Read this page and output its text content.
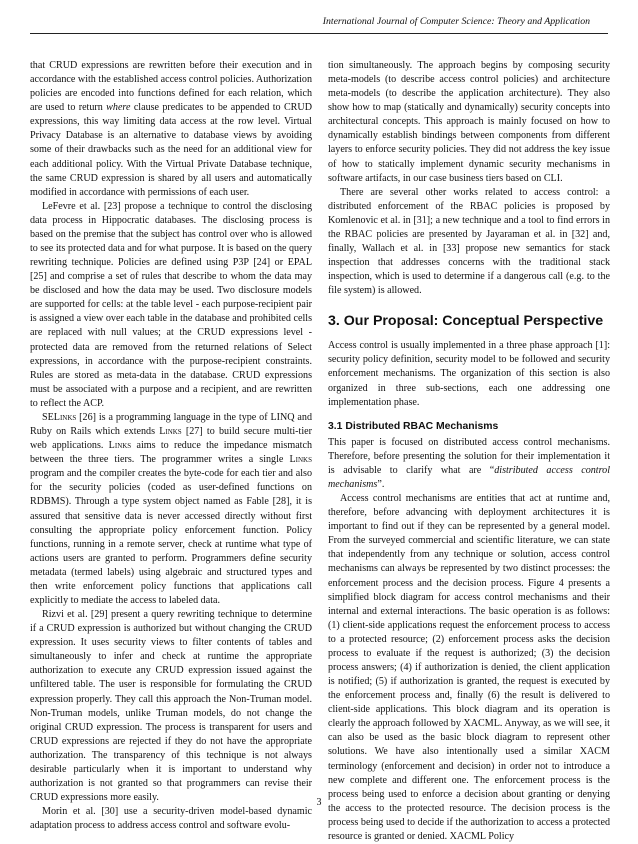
International Journal of Computer Science: Theory and Application

that CRUD expressions are rewritten before their execution and in accordance with the established access control policies. Authorization policies are encoded into functions defined for each relation, which are used to return where clause predicates to be appended to CRUD expressions, this way limiting data access at the row level. Virtual Privacy Database is an alternative to database views by avoiding some of their drawbacks such as the need for an additional view for each additional policy. With the Virtual Private Database technique, the same CRUD expression is shared by all users and automatically modified in accordance with permissions of each user.

LeFevre et al. [23] propose a technique to control the disclosing data process in Hippocratic databases. The disclosing process is based on the premise that the subject has control over who is allowed to see its protected data and for what purpose. It is based on the query rewriting technique. Policies are defined using P3P [24] or EPAL [25] and comprise a set of rules that describe to whom the data may be disclosed and how the data may be used. Two disclosure models are supported for cells: at the table level - each purpose-recipient pair is assigned a view over each table in the database and prohibited cells are replaced with null values; at the CRUD expressions level - protected data are removed from the returned relations of Select expressions, in accordance with the purpose-recipient constraints. Rules are stored as meta-data in the database. CRUD expressions must be associated with a purpose and a recipient, and are rewritten to reflect the ACP.

SELinks [26] is a programming language in the type of LINQ and Ruby on Rails which extends Links [27] to build secure multi-tier web applications. Links aims to reduce the impedance mismatch between the three tiers. The programmer writes a single Links program and the compiler creates the byte-code for each tier and also for the security policies (coded as user-defined functions on RDBMS). Through a type system object named as Fable [28], it is assured that sensitive data is never accessed directly without first consulting the appropriate policy enforcement function. Policy functions, running in a remote server, check at runtime what type of actions users are granted to perform. Programmers define security metadata (termed labels) using algebraic and structured types and then write enforcement policy functions that applications call explicitly to mediate the access to labeled data.

Rizvi et al. [29] present a query rewriting technique to determine if a CRUD expression is authorized but without changing the CRUD expression. It uses security views to filter contents of tables and simultaneously to infer and check at runtime the appropriate authorization to execute any CRUD expression issued against the unfiltered table. The user is responsible for formulating the CRUD expression properly. They call this approach the Non-Truman model. Non-Truman models, unlike Truman models, do not change the original CRUD expression. The process is transparent for users and CRUD expressions are rejected if they do not have the appropriate authorization. The transparency of this technique is not always desirable particularly when it is important to understand why authorization is not granted so that programmers can revise their CRUD expressions more easily.

Morin et al. [30] use a security-driven model-based dynamic adaptation process to address access control and software evolu-

tion simultaneously. The approach begins by composing security meta-models (to describe access control policies) and architecture meta-models (to describe the application architecture). They also show how to map (statically and dynamically) security concepts into architectural concepts. This approach is mainly focused on how to dynamically establish bindings between components from different layers to enforce security policies. They did not address the key issue of how to statically implement dynamic security mechanisms in software artifacts, in our case business tiers based on CLI.

There are several other works related to access control: a distributed enforcement of the RBAC policies is proposed by Komlenovic et al. in [31]; a new technique and a tool to find errors in the RBAC policies are presented by Jayaraman et al. in [32] and, finally, Wallach et al. in [33] propose new semantics for stack inspection that addresses concerns with the traditional stack inspection, which is used to determine if a dangerous call (e.g. to the file system) is allowed.

3. Our Proposal: Conceptual Perspective

Access control is usually implemented in a three phase approach [1]: security policy definition, security model to be followed and security enforcement mechanisms. The organization of this section is also organized in three sub-sections, each one addressing one implementation phase.

3.1 Distributed RBAC Mechanisms

This paper is focused on distributed access control mechanisms. Therefore, before presenting the solution for their implementation it is advisable to clarify what are “distributed access control mechanisms”.

Access control mechanisms are entities that act at runtime and, therefore, before advancing with deployment architectures it is important to find out if they can be represented by a general model. From the surveyed commercial and scientific literature, we can state that independently from any technique or solution, access control mechanisms can always be represented by two distinct processes: the enforcement process and the decision process. Figure 4 presents a simplified block diagram for access control mechanisms and their internal and external interactions. The basic operation is as follows: (1) client-side applications request the enforcement process to access to a protected resource; (2) enforcement process asks the decision process to evaluate if the request is authorized; (3) the decision process answers; (4) if authorization is denied, the client application is notified; (5) if authorization is granted, the request is executed by the enforcement process and, finally (6) the result is delivered to client-side applications. This block diagram and its operation is clearly the approach followed by XACML. Anyway, as we will see, it can also be used as the basic block diagram to represent other solutions. We have also intentionally used a similar XACM terminology (enforcement and decision) in order not to introduce a new complete and different one. The enforcement process is the process being used to enforce a decision about granting or denying the access to the protected resource. The decision process is the process being used to decide if the authorization to access a protected resource is granted or denied. XACML Policy

3
